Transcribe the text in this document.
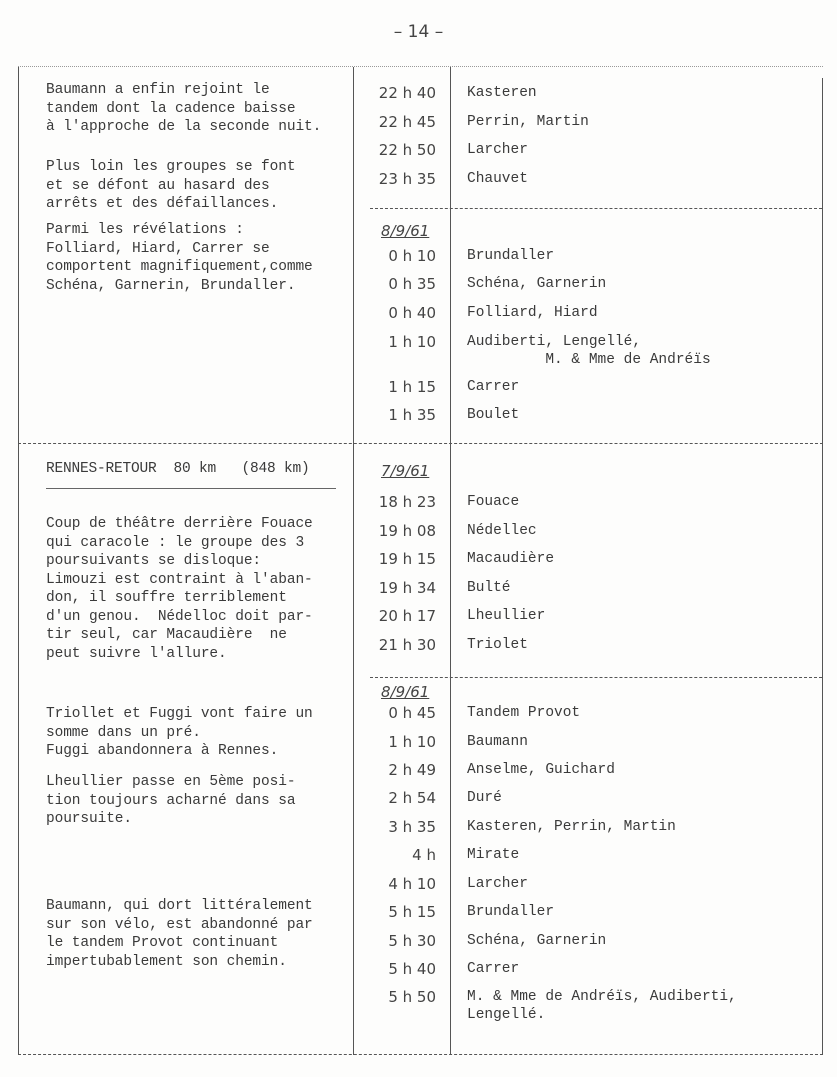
– 14 –
Baumann a enfin rejoint le
tandem dont la cadence baisse
à l'approche de la seconde nuit.
Plus loin les groupes se font
et se défont au hasard des
arrêts et des défaillances.
Parmi les révélations :
Folliard, Hiard, Carrer se
comportent magnifiquement,comme
Schéna, Garnerin, Brundaller.
22 h 40 Kasteren
22 h 45 Perrin, Martin
22 h 50 Larcher
23 h 35 Chauvet
8/9/61
0 h 10 Brundaller
0 h 35 Schéna, Garnerin
0 h 40 Folliard, Hiard
1 h 10 Audiberti, Lengellé,
M. & Mme de Andréïs
1 h 15 Carrer
1 h 35 Boulet
RENNES-RETOUR  80 km   (848 km)
Coup de théâtre derrière Fouace
qui caracole : le groupe des 3
poursuivants se disloque:
Limouzi est contraint à l'aban-
don, il souffre terriblement
d'un genou.  Nédelloc doit par-
tir seul, car Macaudière  ne
peut suivre l'allure.
Triollet et Fuggi vont faire un
somme dans un pré.
Fuggi abandonnera à Rennes.
Lheullier passe en 5ème posi-
tion toujours acharné dans sa
poursuite.
Baumann, qui dort littéralement
sur son vélo, est abandonné par
le tandem Provot continuant
impertubablement son chemin.
7/9/61
18 h 23 Fouace
19 h 08 Nédellec
19 h 15 Macaudière
19 h 34 Bulté
20 h 17 Lheullier
21 h 30 Triolet
8/9/61
0 h 45 Tandem Provot
1 h 10 Baumann
2 h 49 Anselme, Guichard
2 h 54 Duré
3 h 35 Kasteren, Perrin, Martin
4 h Mirate
4 h 10 Larcher
5 h 15 Brundaller
5 h 30 Schéna, Garnerin
5 h 40 Carrer
5 h 50 M. & Mme de Andréïs, Audiberti,
Lengellé.
